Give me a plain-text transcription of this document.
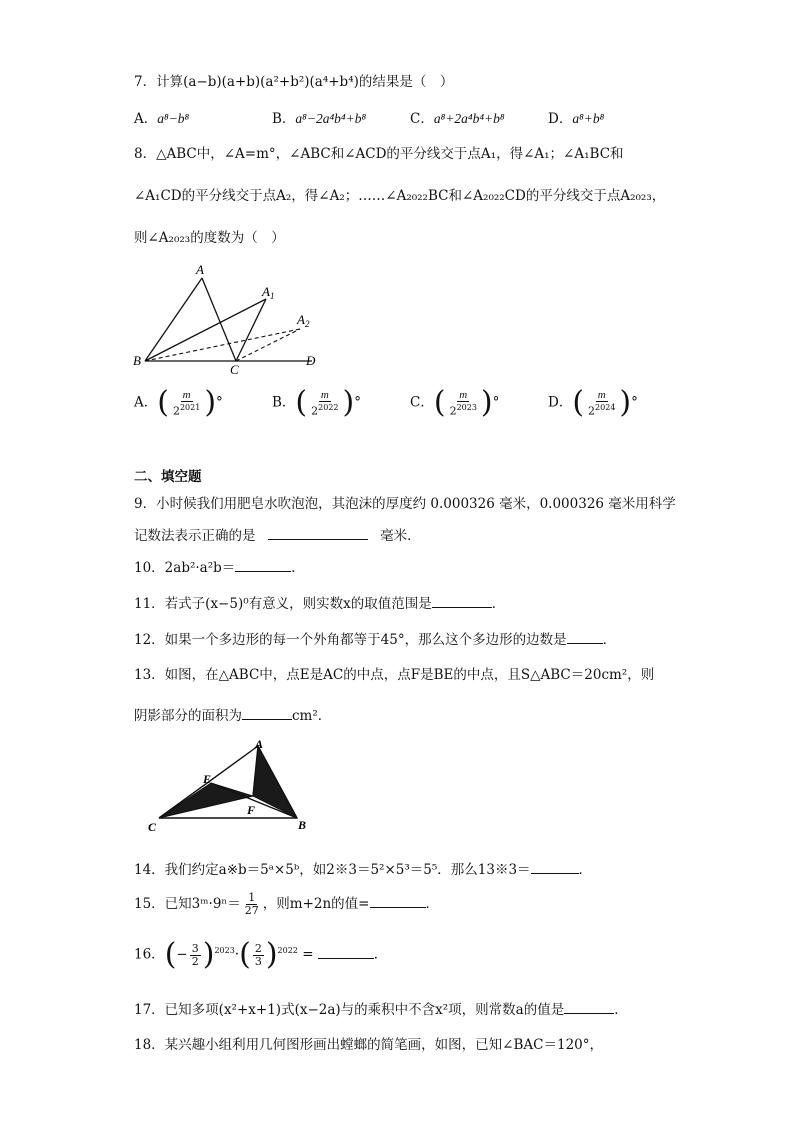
7．计算(a−b)(a+b)(a²+b²)(a⁴+b⁴)的结果是（　）
A．a⁸−b⁸	B．a⁸−2a⁴b⁴+b⁸	C．a⁸+2a⁴b⁴+b⁸	D．a⁸+b⁸
8．△ABC中，∠A=m°，∠ABC和∠ACD的平分线交于点A₁，得∠A₁；∠A₁BC和
∠A₁CD的平分线交于点A₂，得∠A₂；……∠A₂₀₂₂BC和∠A₂₀₂₂CD的平分线交于点A₂₀₂₃，
则∠A₂₀₂₃的度数为（　）
A
$A_1$
$A_2$
B
C
D
A．( $\frac{m}{2^{2021}}$ )°	B．( $\frac{m}{2^{2022}}$ )°	C．( $\frac{m}{2^{2023}}$ )°	D．( $\frac{m}{2^{2024}}$ )°
二、填空题
9．小时候我们用肥皂水吹泡泡，其泡沫的厚度约 0.000326 毫米，0.000326 毫米用科学
记数法表示正确的是	毫米．
10．2ab²·a²b＝	．
11．若式子(x−5)⁰有意义，则实数x的取值范围是	．
12．如果一个多边形的每一个外角都等于45°，那么这个多边形的边数是	．
13．如图，在△ABC中，点E是AC的中点，点F是BE的中点，且S△ABC＝20cm²，则
阴影部分的面积为	cm²．
A
E
F
C	B
14．我们约定a※b＝5ᵃ×5ᵇ，如2※3＝5²×5³＝5⁵．那么13※3＝	．
15．已知3ᵐ·9ⁿ＝ $\frac{1}{27}$ ，则m+2n的值=	．
16．(− $\frac{3}{2} )^{2023}\cdot( \frac{2}{3} )^{2022}$ =	．
17．已知多项(x²+x+1)式(x−2a)与的乘积中不含x²项，则常数a的值是	．
18．某兴趣小组利用几何图形画出螳螂的简笔画，如图，已知∠BAC＝120°，
